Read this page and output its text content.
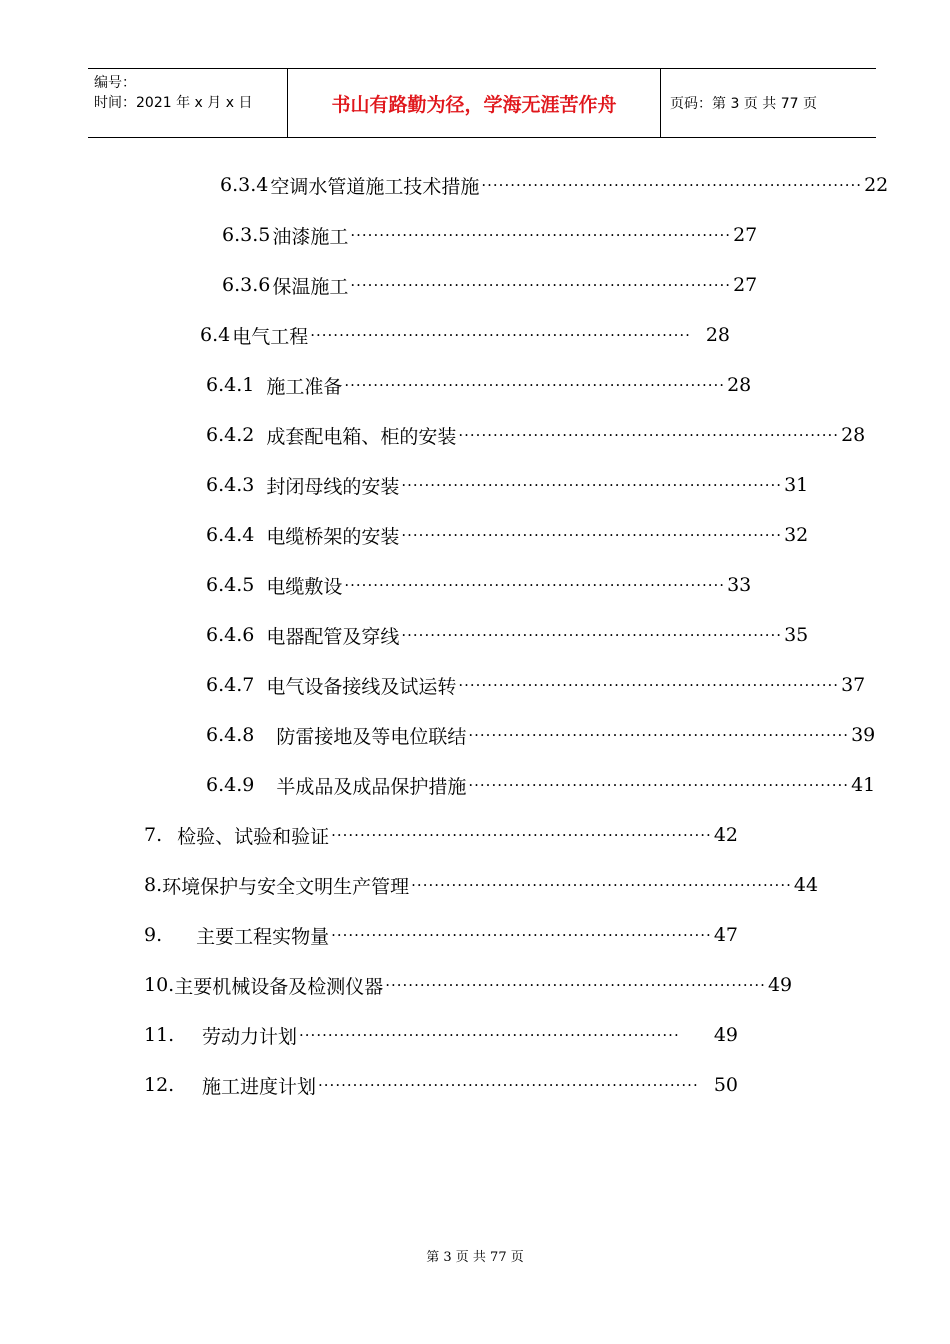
编号：
时间：2021 年 x 月 x 日	书山有路勤为径，学海无涯苦作舟	页码：第 3 页 共 77 页
6.3.4 空调水管道施工技术措施 ·································································· 22
6.3.5 油漆施工 ·································································· 27
6.3.6 保温施工 ·································································· 27
6.4 电气工程 ·································································· 28
6.4.1 施工准备 ·································································· 28
6.4.2 成套配电箱、柜的安装 ·································································· 28
6.4.3 封闭母线的安装 ·································································· 31
6.4.4 电缆桥架的安装 ·································································· 32
6.4.5 电缆敷设 ·································································· 33
6.4.6 电器配管及穿线 ·································································· 35
6.4.7 电气设备接线及试运转 ·································································· 37
6.4.8 防雷接地及等电位联结 ·································································· 39
6.4.9 半成品及成品保护措施 ·································································· 41
7. 检验、试验和验证 ·································································· 42
8. 环境保护与安全文明生产管理 ·································································· 44
9.	主要工程实物量 ·································································· 47
10. 主要机械设备及检测仪器 ·································································· 49
11.	劳动力计划 ··································································	49
12.	施工进度计划 ·································································· 50
第 3 页 共 77 页
